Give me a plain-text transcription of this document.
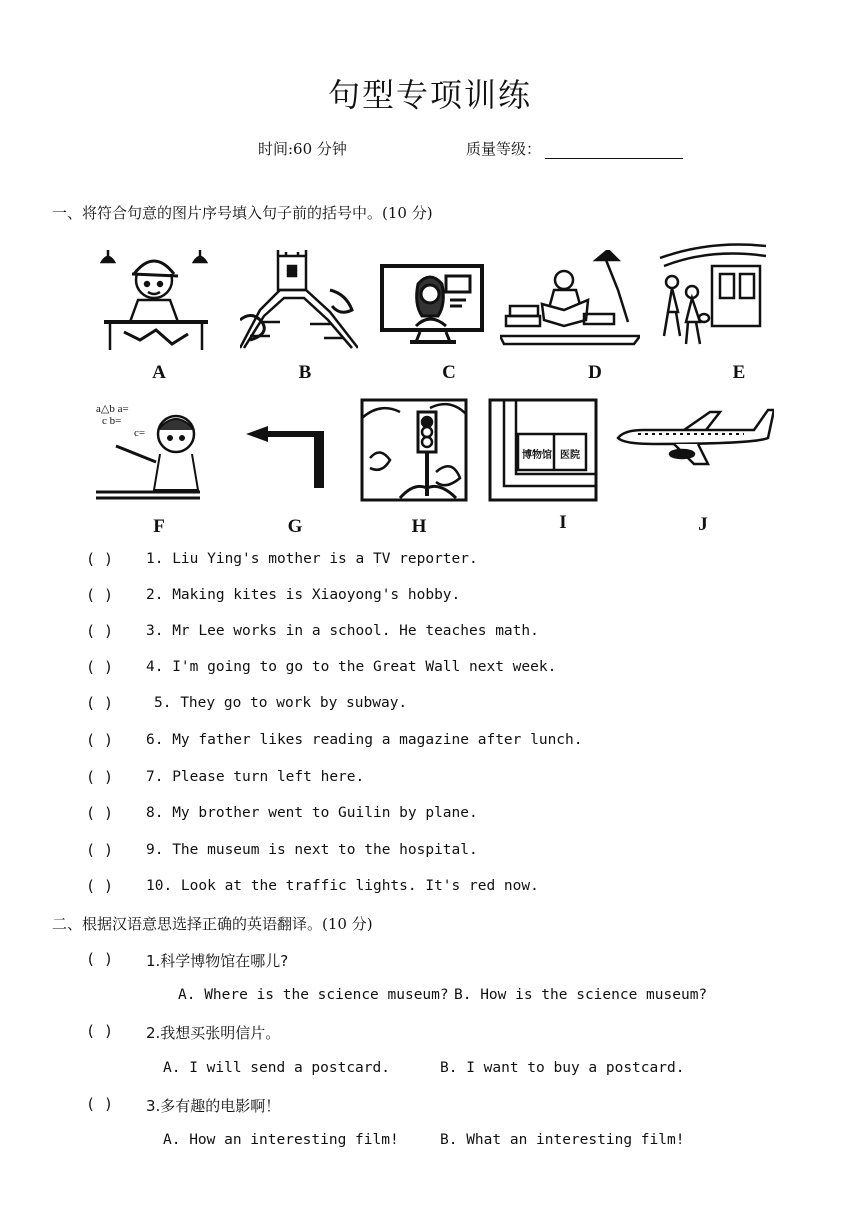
句型专项训练
时间:60 分钟	质量等级：
一、将符合句意的图片序号填入句子前的括号中。(10 分)
A	B	C	D	E
a△b a=
c b=
c=
F	G	H
博物馆 医院
I	J
( ) 1. Liu Ying's mother is a TV reporter.
( ) 2. Making kites is Xiaoyong's hobby.
( ) 3. Mr Lee works in a school. He teaches math.
( ) 4. I'm going to go to the Great Wall next week.
( )	5. They go to work by subway.
( ) 6. My father likes reading a magazine after lunch.
( ) 7. Please turn left here.
( ) 8. My brother went to Guilin by plane.
( ) 9. The museum is next to the hospital.
( ) 10. Look at the traffic lights. It's red now.
二、根据汉语意思选择正确的英语翻译。(10 分)
( ) 1.科学博物馆在哪儿?
A. Where is the science museum? B. How is the science museum?
( ) 2.我想买张明信片。
A. I will send a postcard.	B. I want to buy a postcard.
( ) 3.多有趣的电影啊！
A. How an interesting film!	B. What an interesting film!
